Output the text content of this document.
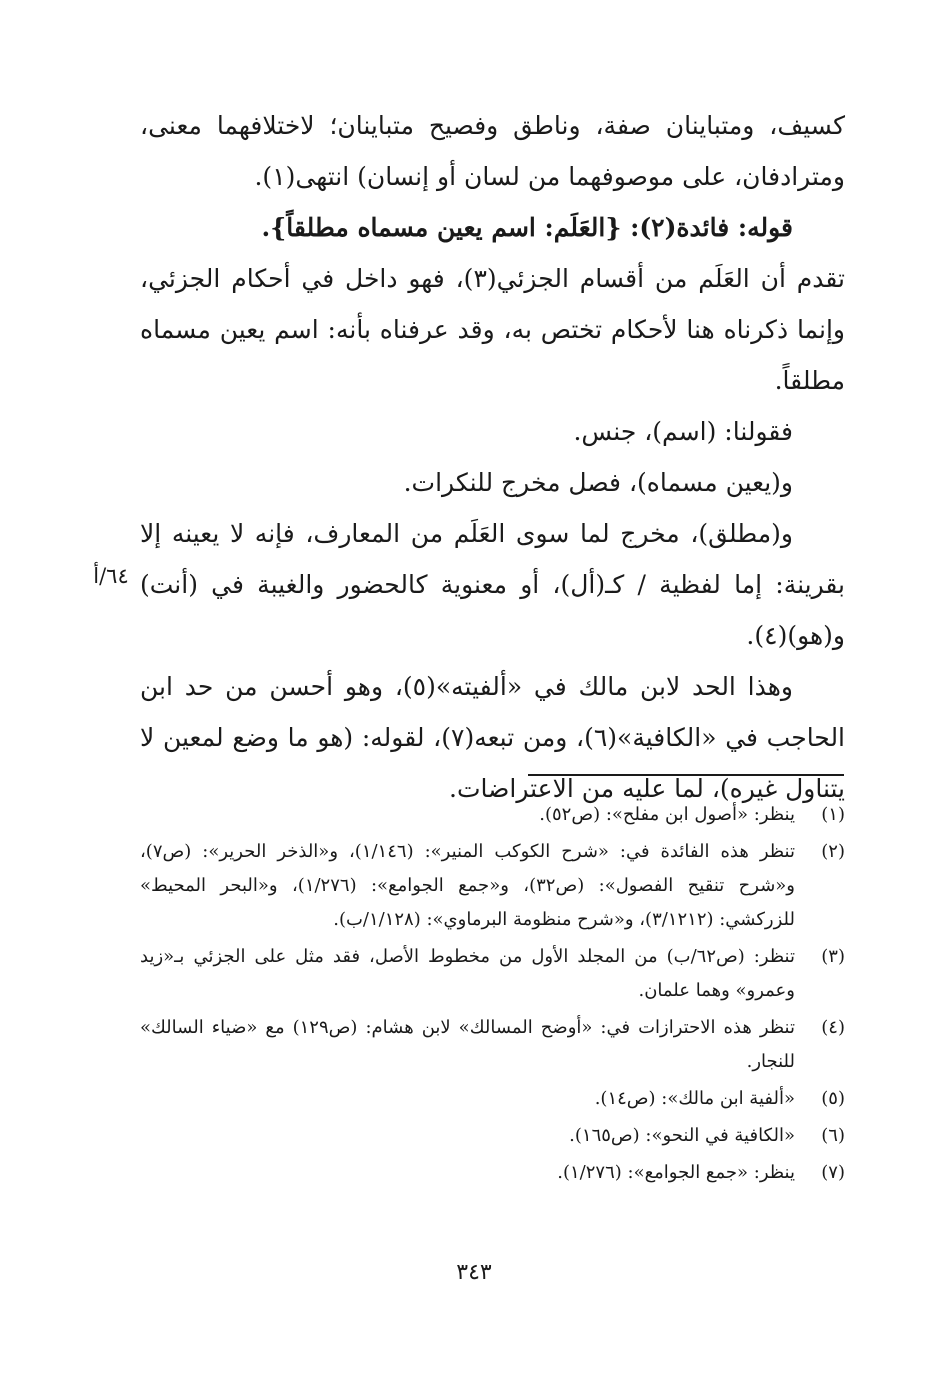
كسيف، ومتباينان صفة، وناطق وفصيح متباينان؛ لاختلافهما معنى، ومترادفان، على موصوفهما من لسان أو إنسان) انتهى(١).

قوله: فائدة(٢): {العَلَم: اسم يعين مسماه مطلقاً}.

تقدم أن العَلَم من أقسام الجزئي(٣)، فهو داخل في أحكام الجزئي، وإنما ذكرناه هنا لأحكام تختص به، وقد عرفناه بأنه: اسم يعين مسماه مطلقاً.

فقولنا: (اسم)، جنس.

و(يعين مسماه)، فصل مخرج للنكرات.

و(مطلق)، مخرج لما سوى العَلَم من المعارف، فإنه لا يعينه إلا بقرينة: إما لفظية / كـ(أل)، أو معنوية كالحضور والغيبة في (أنت) و(هو)(٤).

وهذا الحد لابن مالك في «ألفيته»(٥)، وهو أحسن من حد ابن الحاجب في «الكافية»(٦)، ومن تبعه(٧)، لقوله: (هو ما وضع لمعين لا يتناول غيره)، لما عليه من الاعتراضات.

٦٤/أ
(١)
ينظر: «أصول ابن مفلح»: (ص٥٢).
(٢)
تنظر هذه الفائدة في: «شرح الكوكب المنير»: (١/١٤٦)، و«الذخر الحرير»: (ص٧)، و«شرح تنقيح الفصول»: (ص٣٢)، و«جمع الجوامع»: (١/٢٧٦)، و«البحر المحيط» للزركشي: (٣/١٢١٢)، و«شرح منظومة البرماوي»: (١/١٢٨/ب).
(٣)
تنظر: (ص٦٢/ب) من المجلد الأول من مخطوط الأصل، فقد مثل على الجزئي بـ«زيد وعمرو» وهما علمان.
(٤)
تنظر هذه الاحترازات في: «أوضح المسالك» لابن هشام: (ص١٢٩) مع «ضياء السالك» للنجار.
(٥)
«ألفية ابن مالك»: (ص١٤).
(٦)
«الكافية في النحو»: (ص١٦٥).
(٧)
ينظر: «جمع الجوامع»: (١/٢٧٦).
٣٤٣
